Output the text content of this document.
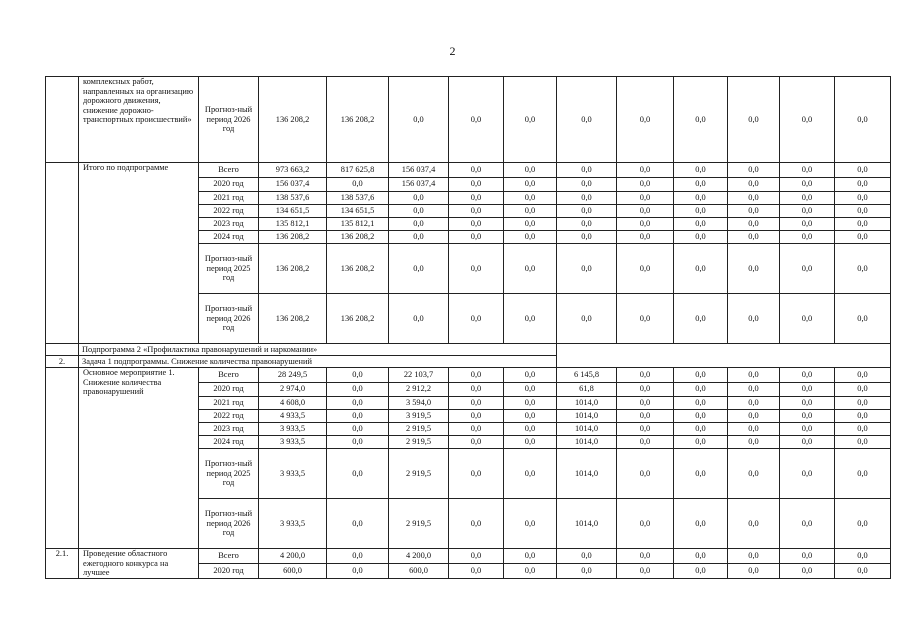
2
	комплексных работ, направленных на организацию дорожного движения, снижение дорожно-транспортных происшествий»	Прогноз-ный период 2026 год	136 208,2	136 208,2	0,0	0,0	0,0	0,0	0,0	0,0	0,0	0,0	0,0
	Итого по подпрограмме	Всего	973 663,2	817 625,8	156 037,4	0,0	0,0	0,0	0,0	0,0	0,0	0,0	0,0
		2020 год	156 037,4	0,0	156 037,4	0,0	0,0	0,0	0,0	0,0	0,0	0,0	0,0
		2021 год	138 537,6	138 537,6	0,0	0,0	0,0	0,0	0,0	0,0	0,0	0,0	0,0
		2022 год	134 651,5	134 651,5	0,0	0,0	0,0	0,0	0,0	0,0	0,0	0,0	0,0
		2023 год	135 812,1	135 812,1	0,0	0,0	0,0	0,0	0,0	0,0	0,0	0,0	0,0
		2024 год	136 208,2	136 208,2	0,0	0,0	0,0	0,0	0,0	0,0	0,0	0,0	0,0
		Прогноз-ный период 2025 год	136 208,2	136 208,2	0,0	0,0	0,0	0,0	0,0	0,0	0,0	0,0	0,0
		Прогноз-ный период 2026 год	136 208,2	136 208,2	0,0	0,0	0,0	0,0	0,0	0,0	0,0	0,0	0,0
	Подпрограмма 2 «Профилактика правонарушений и наркомании»												
2.	Задача 1 подпрограммы. Снижение количества правонарушений												
	Основное мероприятие 1. Снижение количества правонарушений	Всего	28 249,5	0,0	22 103,7	0,0	0,0	6 145,8	0,0	0,0	0,0	0,0	0,0
		2020 год	2 974,0	0,0	2 912,2	0,0	0,0	61,8	0,0	0,0	0,0	0,0	0,0
		2021 год	4 608,0	0,0	3 594,0	0,0	0,0	1014,0	0,0	0,0	0,0	0,0	0,0
		2022 год	4 933,5	0,0	3 919,5	0,0	0,0	1014,0	0,0	0,0	0,0	0,0	0,0
		2023 год	3 933,5	0,0	2 919,5	0,0	0,0	1014,0	0,0	0,0	0,0	0,0	0,0
		2024 год	3 933,5	0,0	2 919,5	0,0	0,0	1014,0	0,0	0,0	0,0	0,0	0,0
		Прогноз-ный период 2025 год	3 933,5	0,0	2 919,5	0,0	0,0	1014,0	0,0	0,0	0,0	0,0	0,0
		Прогноз-ный период 2026 год	3 933,5	0,0	2 919,5	0,0	0,0	1014,0	0,0	0,0	0,0	0,0	0,0
2.1.	Проведение областного ежегодного конкурса на лучшее	Всего	4 200,0	0,0	4 200,0	0,0	0,0	0,0	0,0	0,0	0,0	0,0	0,0
		2020 год	600,0	0,0	600,0	0,0	0,0	0,0	0,0	0,0	0,0	0,0	0,0
